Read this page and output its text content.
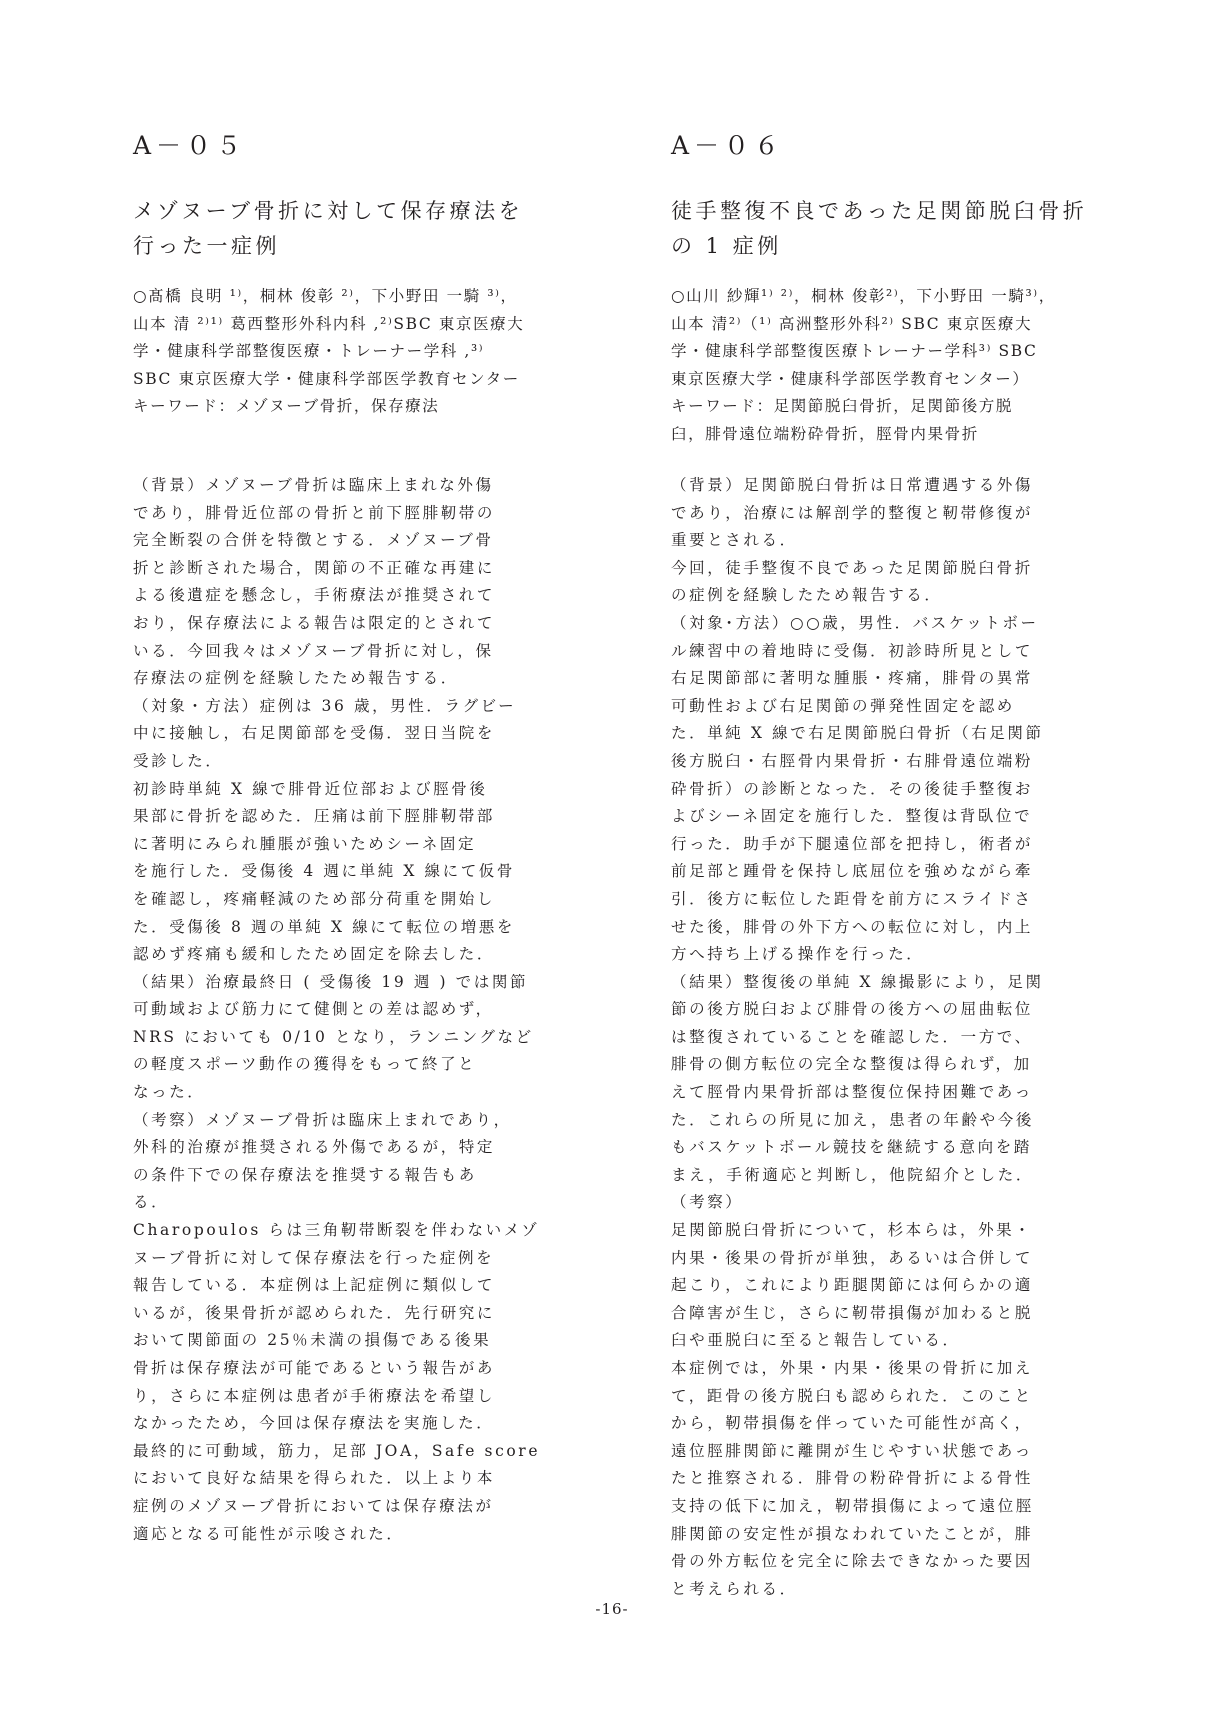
A－０５
メゾヌーブ骨折に対して保存療法を
行った一症例
○髙橋 良明 ¹⁾，桐林 俊彰 ²⁾，下小野田 一騎 ³⁾，
山本 清 ²⁾¹⁾ 葛西整形外科内科 ,²⁾SBC 東京医療大
学・健康科学部整復医療・トレーナー学科 ,³⁾
SBC 東京医療大学・健康科学部医学教育センター
キーワード：メゾヌーブ骨折，保存療法
（背景）メゾヌーブ骨折は臨床上まれな外傷
であり，腓骨近位部の骨折と前下脛腓靭帯の
完全断裂の合併を特徴とする．メゾヌーブ骨
折と診断された場合，関節の不正確な再建に
よる後遺症を懸念し，手術療法が推奨されて
おり，保存療法による報告は限定的とされて
いる．今回我々はメゾヌーブ骨折に対し，保
存療法の症例を経験したため報告する．
（対象・方法）症例は 36 歳，男性．ラグビー
中に接触し，右足関節部を受傷．翌日当院を
受診した．
初診時単純 X 線で腓骨近位部および脛骨後
果部に骨折を認めた．圧痛は前下脛腓靭帯部
に著明にみられ腫脹が強いためシーネ固定
を施行した．受傷後 4 週に単純 X 線にて仮骨
を確認し，疼痛軽減のため部分荷重を開始し
た．受傷後 8 週の単純 X 線にて転位の増悪を
認めず疼痛も緩和したため固定を除去した．
（結果）治療最終日 ( 受傷後 19 週 ) では関節
可動域および筋力にて健側との差は認めず，
NRS においても 0/10 となり，ランニングなど
の軽度スポーツ動作の獲得をもって終了と
なった．
（考察）メゾヌーブ骨折は臨床上まれであり，
外科的治療が推奨される外傷であるが，特定
の条件下での保存療法を推奨する報告もあ
る．
Charopoulos らは三角靭帯断裂を伴わないメゾ
ヌーブ骨折に対して保存療法を行った症例を
報告している．本症例は上記症例に類似して
いるが，後果骨折が認められた．先行研究に
おいて関節面の 25％未満の損傷である後果
骨折は保存療法が可能であるという報告があ
り，さらに本症例は患者が手術療法を希望し
なかったため，今回は保存療法を実施した．
最終的に可動域，筋力，足部 JOA，Safe score
において良好な結果を得られた．以上より本
症例のメゾヌーブ骨折においては保存療法が
適応となる可能性が示唆された．
A－０６
徒手整復不良であった足関節脱臼骨折
の 1 症例
○山川 紗輝¹⁾ ²⁾，桐林 俊彰²⁾，下小野田 一騎³⁾，
山本 清²⁾（¹⁾ 高洲整形外科²⁾ SBC 東京医療大
学・健康科学部整復医療トレーナー学科³⁾ SBC
東京医療大学・健康科学部医学教育センター）
キーワード：足関節脱臼骨折，足関節後方脱
臼，腓骨遠位端粉砕骨折，脛骨内果骨折
（背景）足関節脱臼骨折は日常遭遇する外傷
であり，治療には解剖学的整復と靭帯修復が
重要とされる．
今回，徒手整復不良であった足関節脱臼骨折
の症例を経験したため報告する．
（対象･方法）○○歳，男性．バスケットボー
ル練習中の着地時に受傷．初診時所見として
右足関節部に著明な腫脹・疼痛，腓骨の異常
可動性および右足関節の弾発性固定を認め
た．単純 X 線で右足関節脱臼骨折（右足関節
後方脱臼・右脛骨内果骨折・右腓骨遠位端粉
砕骨折）の診断となった．その後徒手整復お
よびシーネ固定を施行した．整復は背臥位で
行った．助手が下腿遠位部を把持し，術者が
前足部と踵骨を保持し底屈位を強めながら牽
引．後方に転位した距骨を前方にスライドさ
せた後，腓骨の外下方への転位に対し，内上
方へ持ち上げる操作を行った．
（結果）整復後の単純 X 線撮影により，足関
節の後方脱臼および腓骨の後方への屈曲転位
は整復されていることを確認した．一方で、
腓骨の側方転位の完全な整復は得られず，加
えて脛骨内果骨折部は整復位保持困難であっ
た．これらの所見に加え，患者の年齢や今後
もバスケットボール競技を継続する意向を踏
まえ，手術適応と判断し，他院紹介とした．
（考察）
足関節脱臼骨折について，杉本らは，外果・
内果・後果の骨折が単独，あるいは合併して
起こり，これにより距腿関節には何らかの適
合障害が生じ，さらに靭帯損傷が加わると脱
臼や亜脱臼に至ると報告している．
本症例では，外果・内果・後果の骨折に加え
て，距骨の後方脱臼も認められた．このこと
から，靭帯損傷を伴っていた可能性が高く，
遠位脛腓関節に離開が生じやすい状態であっ
たと推察される．腓骨の粉砕骨折による骨性
支持の低下に加え，靭帯損傷によって遠位脛
腓関節の安定性が損なわれていたことが，腓
骨の外方転位を完全に除去できなかった要因
と考えられる．
-16-
